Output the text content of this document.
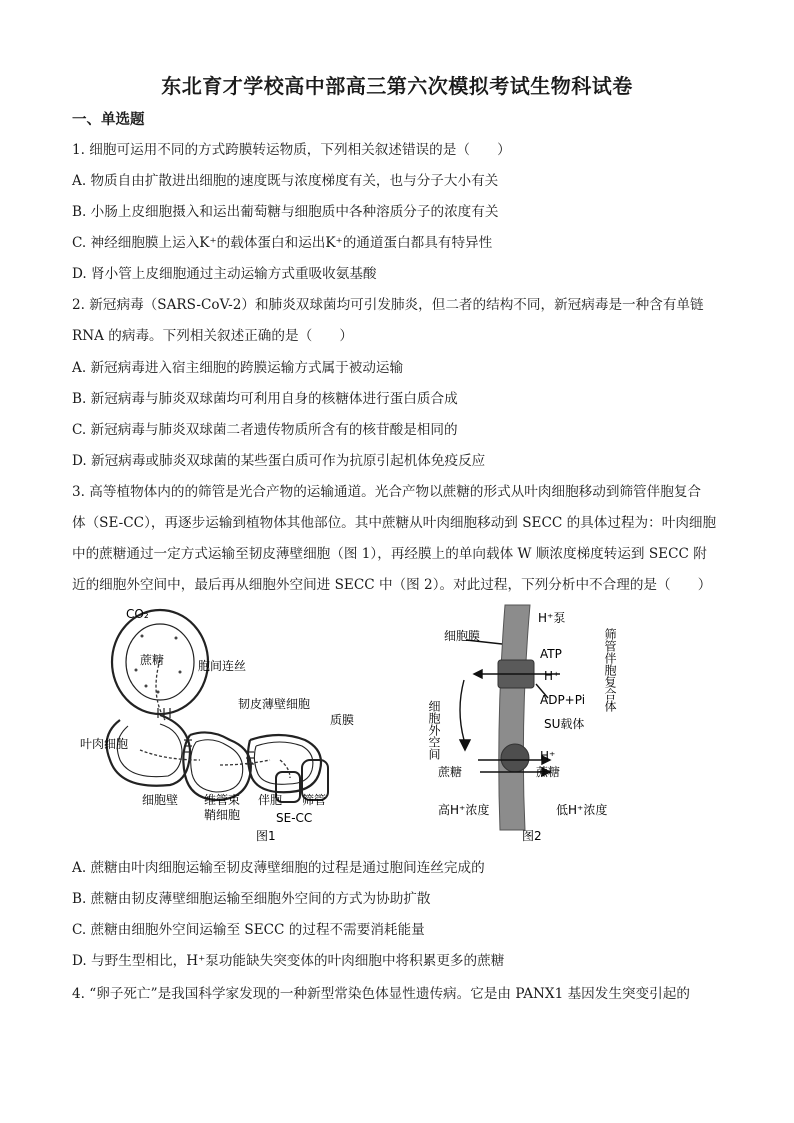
东北育才学校高中部高三第六次模拟考试生物科试卷
一、单选题
1. 细胞可运用不同的方式跨膜转运物质，下列相关叙述错误的是（　　）
A. 物质自由扩散进出细胞的速度既与浓度梯度有关，也与分子大小有关
B. 小肠上皮细胞摄入和运出葡萄糖与细胞质中各种溶质分子的浓度有关
C. 神经细胞膜上运入K⁺的载体蛋白和运出K⁺的通道蛋白都具有特异性
D. 肾小管上皮细胞通过主动运输方式重吸收氨基酸
2. 新冠病毒（SARS-CoV-2）和肺炎双球菌均可引发肺炎，但二者的结构不同，新冠病毒是一种含有单链
RNA 的病毒。下列相关叙述正确的是（　　）
A. 新冠病毒进入宿主细胞的跨膜运输方式属于被动运输
B. 新冠病毒与肺炎双球菌均可利用自身的核糖体进行蛋白质合成
C. 新冠病毒与肺炎双球菌二者遗传物质所含有的核苷酸是相同的
D. 新冠病毒或肺炎双球菌的某些蛋白质可作为抗原引起机体免疫反应
3. 高等植物体内的的筛管是光合产物的运输通道。光合产物以蔗糖的形式从叶肉细胞移动到筛管伴胞复合
体（SE-CC），再逐步运输到植物体其他部位。其中蔗糖从叶肉细胞移动到 SECC 的具体过程为：叶肉细胞
中的蔗糖通过一定方式运输至韧皮薄壁细胞（图 1），再经膜上的单向载体 W 顺浓度梯度转运到 SECC 附
近的细胞外空间中，最后再从细胞外空间进 SECC 中（图 2）。对此过程，下列分析中不合理的是（　　）
CO₂
蔗糖	胞间连丝
韧皮薄壁细胞
质膜
叶肉细胞
细胞壁 维管束
鞘细胞
伴胞 筛管
SE-CC
图1
细胞膜
H⁺泵
ATP
H⁺
ADP+Pi
SU载体
H⁺
细胞外空间
蔗糖	蔗糖
筛管伴胞复合体
高H⁺浓度	低H⁺浓度
图2
A. 蔗糖由叶肉细胞运输至韧皮薄壁细胞的过程是通过胞间连丝完成的
B. 蔗糖由韧皮薄壁细胞运输至细胞外空间的方式为协助扩散
C. 蔗糖由细胞外空间运输至 SECC 的过程不需要消耗能量
D. 与野生型相比，H⁺泵功能缺失突变体的叶肉细胞中将积累更多的蔗糖
4. “卵子死亡”是我国科学家发现的一种新型常染色体显性遗传病。它是由 PANX1 基因发生突变引起的
